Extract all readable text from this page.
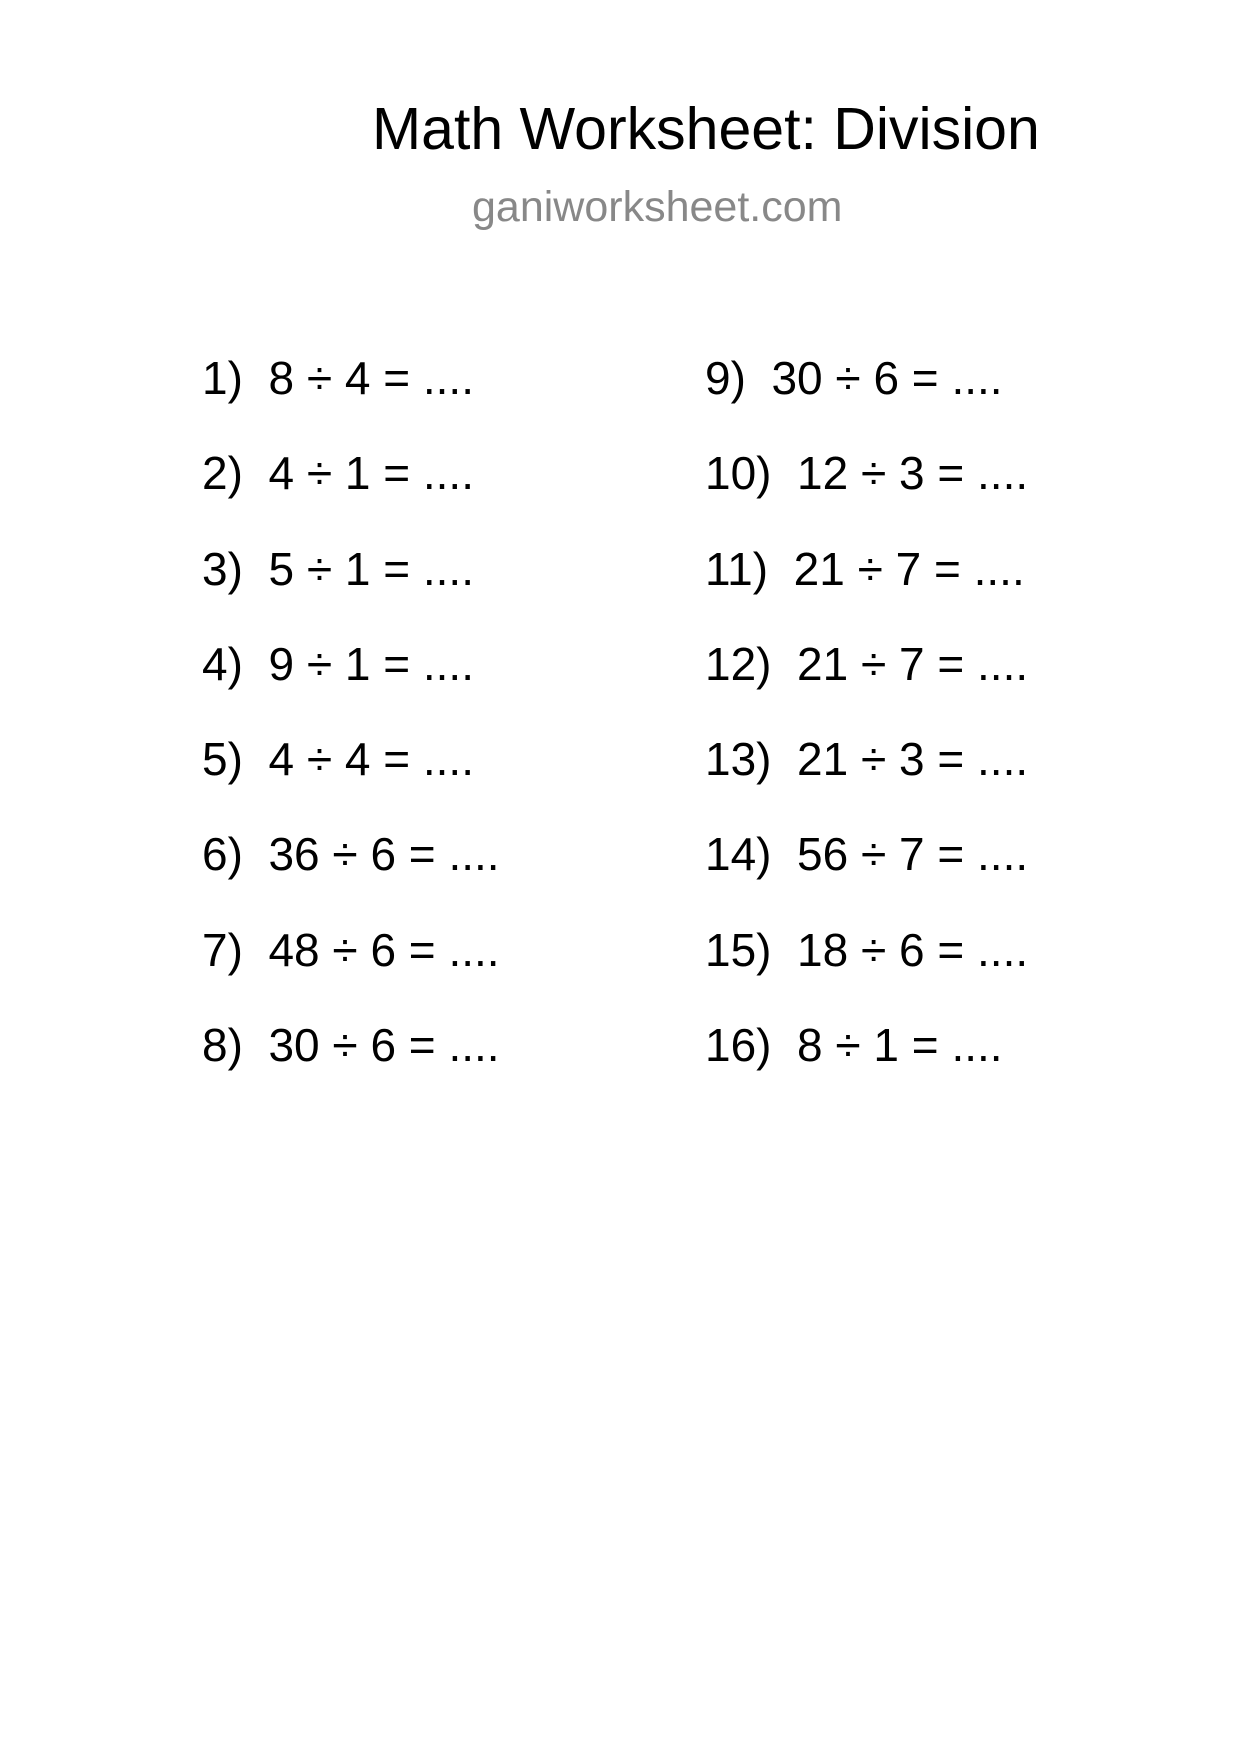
Math Worksheet: Division
ganiworksheet.com
1) 8 ÷ 4 = ....
2) 4 ÷ 1 = ....
3) 5 ÷ 1 = ....
4) 9 ÷ 1 = ....
5) 4 ÷ 4 = ....
6) 36 ÷ 6 = ....
7) 48 ÷ 6 = ....
8) 30 ÷ 6 = ....
9) 30 ÷ 6 = ....
10) 12 ÷ 3 = ....
11) 21 ÷ 7 = ....
12) 21 ÷ 7 = ....
13) 21 ÷ 3 = ....
14) 56 ÷ 7 = ....
15) 18 ÷ 6 = ....
16) 8 ÷ 1 = ....
